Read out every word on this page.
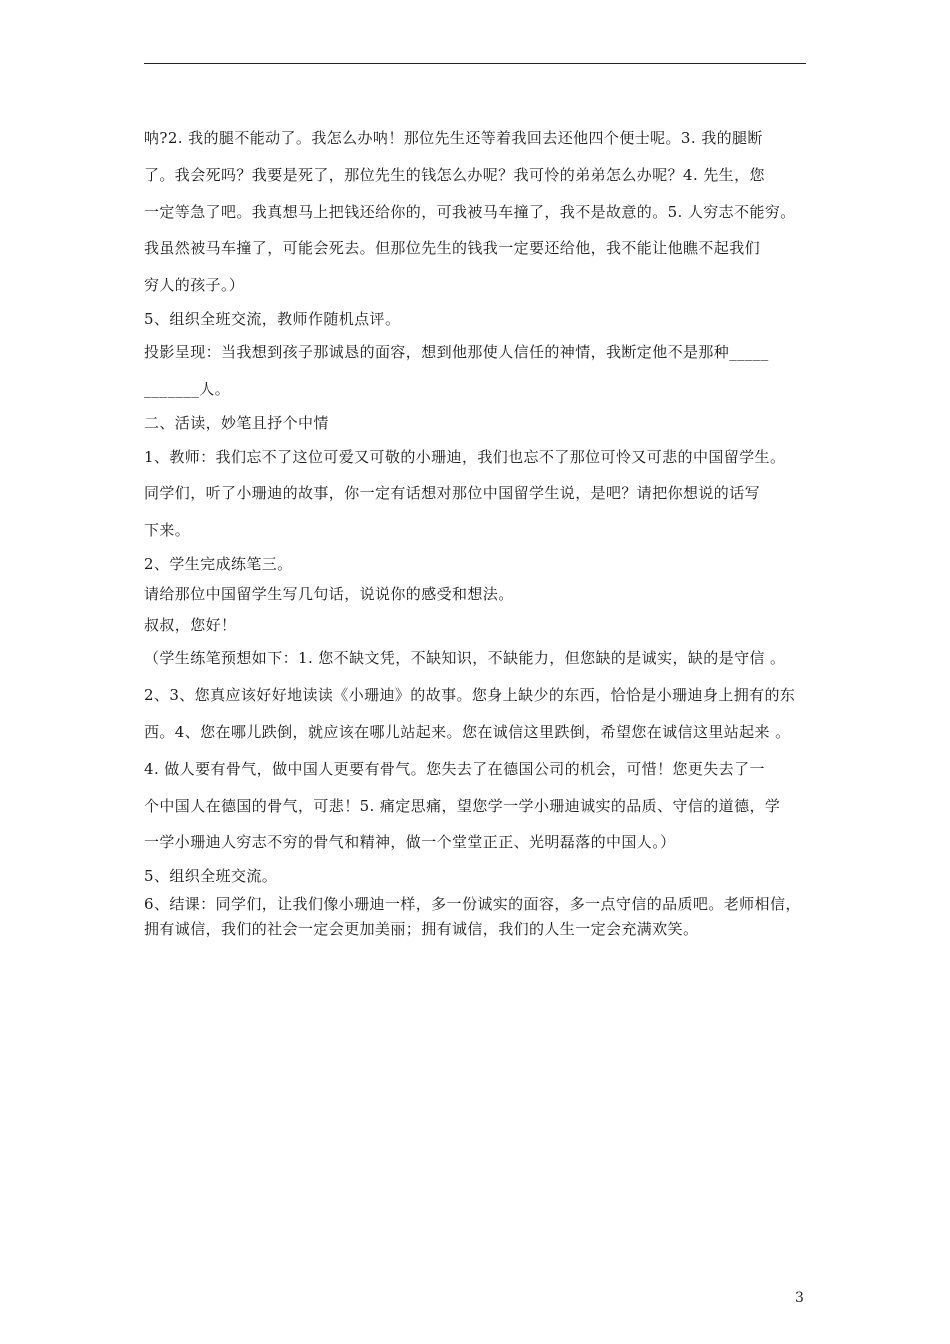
呐?2. 我的腿不能动了。我怎么办呐！那位先生还等着我回去还他四个便士呢。3. 我的腿断
了。我会死吗？我要是死了，那位先生的钱怎么办呢？我可怜的弟弟怎么办呢？4. 先生，您
一定等急了吧。我真想马上把钱还给你的，可我被马车撞了，我不是故意的。5. 人穷志不能穷。
我虽然被马车撞了，可能会死去。但那位先生的钱我一定要还给他，我不能让他瞧不起我们
穷人的孩子。）
5、组织全班交流，教师作随机点评。
投影呈现：当我想到孩子那诚恳的面容，想到他那使人信任的神情，我断定他不是那种_____
_______人。
二、活读，妙笔且抒个中情
1、教师：我们忘不了这位可爱又可敬的小珊迪，我们也忘不了那位可怜又可悲的中国留学生。
同学们，听了小珊迪的故事，你一定有话想对那位中国留学生说，是吧？请把你想说的话写
下来。
2、学生完成练笔三。
请给那位中国留学生写几句话，说说你的感受和想法。
叔叔，您好！
（学生练笔预想如下：1. 您不缺文凭，不缺知识，不缺能力，但您缺的是诚实，缺的是守信 。
2、3、您真应该好好地读读《小珊迪》的故事。您身上缺少的东西，恰恰是小珊迪身上拥有的东
西。4、您在哪儿跌倒，就应该在哪儿站起来。您在诚信这里跌倒，希望您在诚信这里站起来 。
4. 做人要有骨气，做中国人更要有骨气。您失去了在德国公司的机会，可惜！您更失去了一
个中国人在德国的骨气，可悲！5. 痛定思痛，望您学一学小珊迪诚实的品质、守信的道德，学
一学小珊迪人穷志不穷的骨气和精神，做一个堂堂正正、光明磊落的中国人。）
5、组织全班交流。
6、结课：同学们，让我们像小珊迪一样，多一份诚实的面容，多一点守信的品质吧。老师相信，
拥有诚信，我们的社会一定会更加美丽；拥有诚信，我们的人生一定会充满欢笑。
3
